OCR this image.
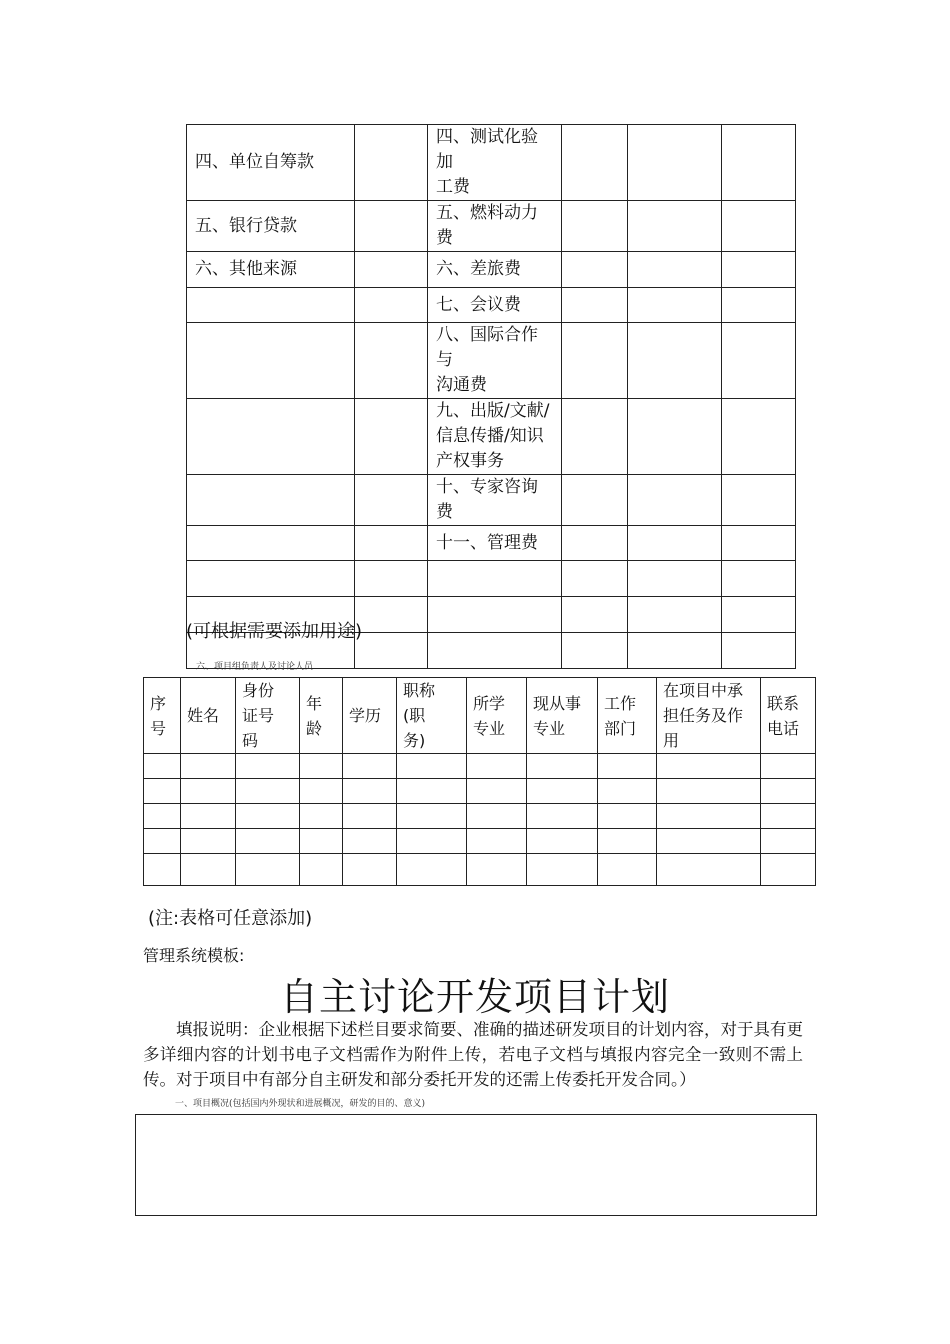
四、单位自筹款		四、测试化验加
工费			
五、银行贷款		五、燃料动力费			
六、其他来源		六、差旅费			
		七、会议费			
		八、国际合作与
沟通费			
		九、出版/文献/
信息传播/知识
产权事务			
		十、专家咨询费			
		十一、管理费			

(可根据需要添加用途)
六、项目组负责人及讨论人员
序
号	姓名	身份
证号
码	年
龄	学历	职称
(职
务)	所学
专业	现从事
专业	工作
部门	在项目中承
担任务及作
用	联系
电话

(注:表格可任意添加)
管理系统模板:
自主讨论开发项目计划
填报说明：企业根据下述栏目要求简要、准确的描述研发项目的计划内容，对于具有更多详细内容的计划书电子文档需作为附件上传，若电子文档与填报内容完全一致则不需上传。对于项目中有部分自主研发和部分委托开发的还需上传委托开发合同。）
一、项目概况(包括国内外现状和进展概况，研发的目的、意义)
